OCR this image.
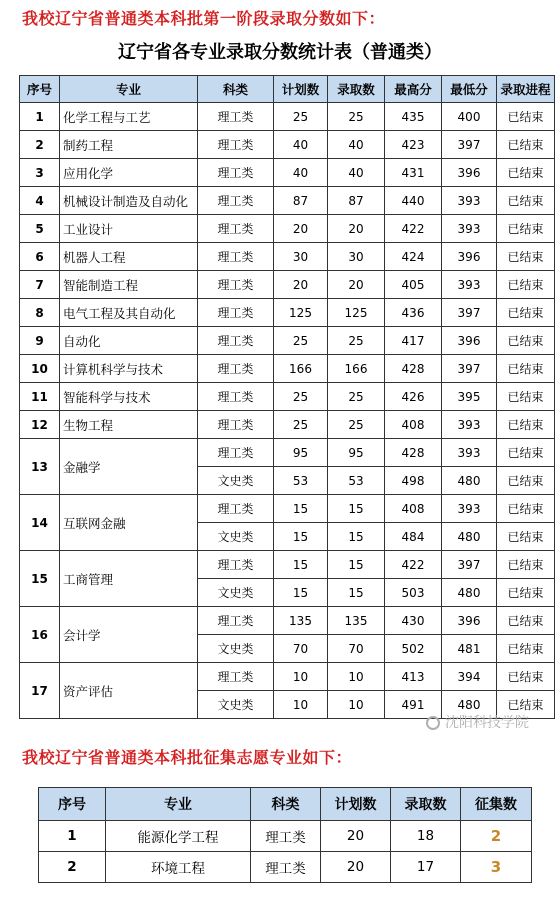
我校辽宁省普通类本科批第一阶段录取分数如下：
辽宁省各专业录取分数统计表（普通类）
序号	专业	科类	计划数	录取数	最高分	最低分	录取进程
1	化学工程与工艺	理工类	25	25	435	400	已结束
2	制药工程	理工类	40	40	423	397	已结束
3	应用化学	理工类	40	40	431	396	已结束
4	机械设计制造及自动化	理工类	87	87	440	393	已结束
5	工业设计	理工类	20	20	422	393	已结束
6	机器人工程	理工类	30	30	424	396	已结束
7	智能制造工程	理工类	20	20	405	393	已结束
8	电气工程及其自动化	理工类	125	125	436	397	已结束
9	自动化	理工类	25	25	417	396	已结束
10	计算机科学与技术	理工类	166	166	428	397	已结束
11	智能科学与技术	理工类	25	25	426	395	已结束
12	生物工程	理工类	25	25	408	393	已结束
13	金融学	理工类	95	95	428	393	已结束
		文史类	53	53	498	480	已结束
14	互联网金融	理工类	15	15	408	393	已结束
		文史类	15	15	484	480	已结束
15	工商管理	理工类	15	15	422	397	已结束
		文史类	15	15	503	480	已结束
16	会计学	理工类	135	135	430	396	已结束
		文史类	70	70	502	481	已结束
17	资产评估	理工类	10	10	413	394	已结束
		文史类	10	10	491	480	已结束
沈阳科技学院
我校辽宁省普通类本科批征集志愿专业如下：
序号	专业	科类	计划数	录取数	征集数
1	能源化学工程	理工类	20	18	2
2	环境工程	理工类	20	17	3
